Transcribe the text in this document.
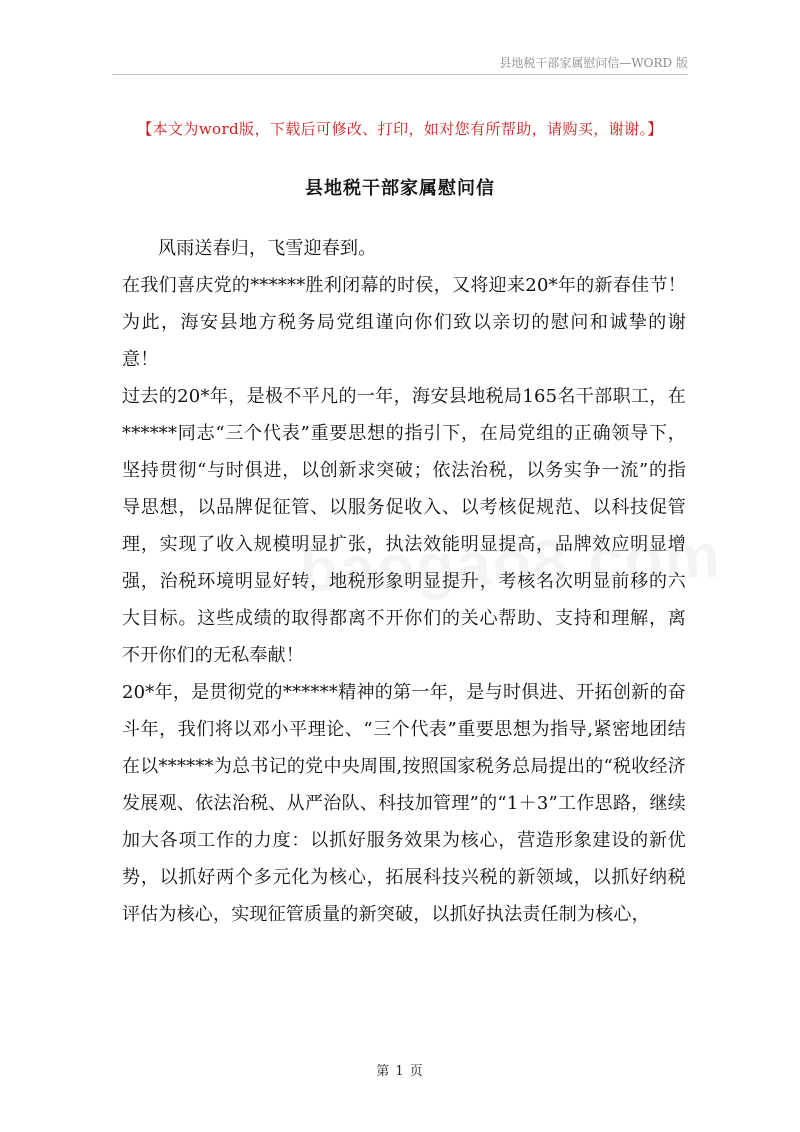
县地税干部家属慰问信—WORD 版
【本文为word版，下载后可修改、打印，如对您有所帮助，请购买，谢谢。】
县地税干部家属慰问信

风雨送春归，飞雪迎春到。

在我们喜庆党的******胜利闭幕的时侯，又将迎来20*年的新春佳节！为此，海安县地方税务局党组谨向你们致以亲切的慰问和诚挚的谢意！

过去的20*年，是极不平凡的一年，海安县地税局165名干部职工，在******同志“三个代表”重要思想的指引下，在局党组的正确领导下，坚持贯彻“与时俱进，以创新求突破；依法治税，以务实争一流”的指导思想，以品牌促征管、以服务促收入、以考核促规范、以科技促管理，实现了收入规模明显扩张，执法效能明显提高，品牌效应明显增强，治税环境明显好转，地税形象明显提升，考核名次明显前移的六大目标。这些成绩的取得都离不开你们的关心帮助、支持和理解，离不开你们的无私奉献！

20*年，是贯彻党的******精神的第一年，是与时俱进、开拓创新的奋斗年，我们将以邓小平理论、“三个代表”重要思想为指导,紧密地团结在以******为总书记的党中央周围,按照国家税务总局提出的“税收经济发展观、依法治税、从严治队、科技加管理”的“1＋3”工作思路，继续加大各项工作的力度：以抓好服务效果为核心，营造形象建设的新优势，以抓好两个多元化为核心，拓展科技兴税的新领域，以抓好纳税评估为核心，实现征管质量的新突破，以抓好执法责任制为核心，

第 1 页
